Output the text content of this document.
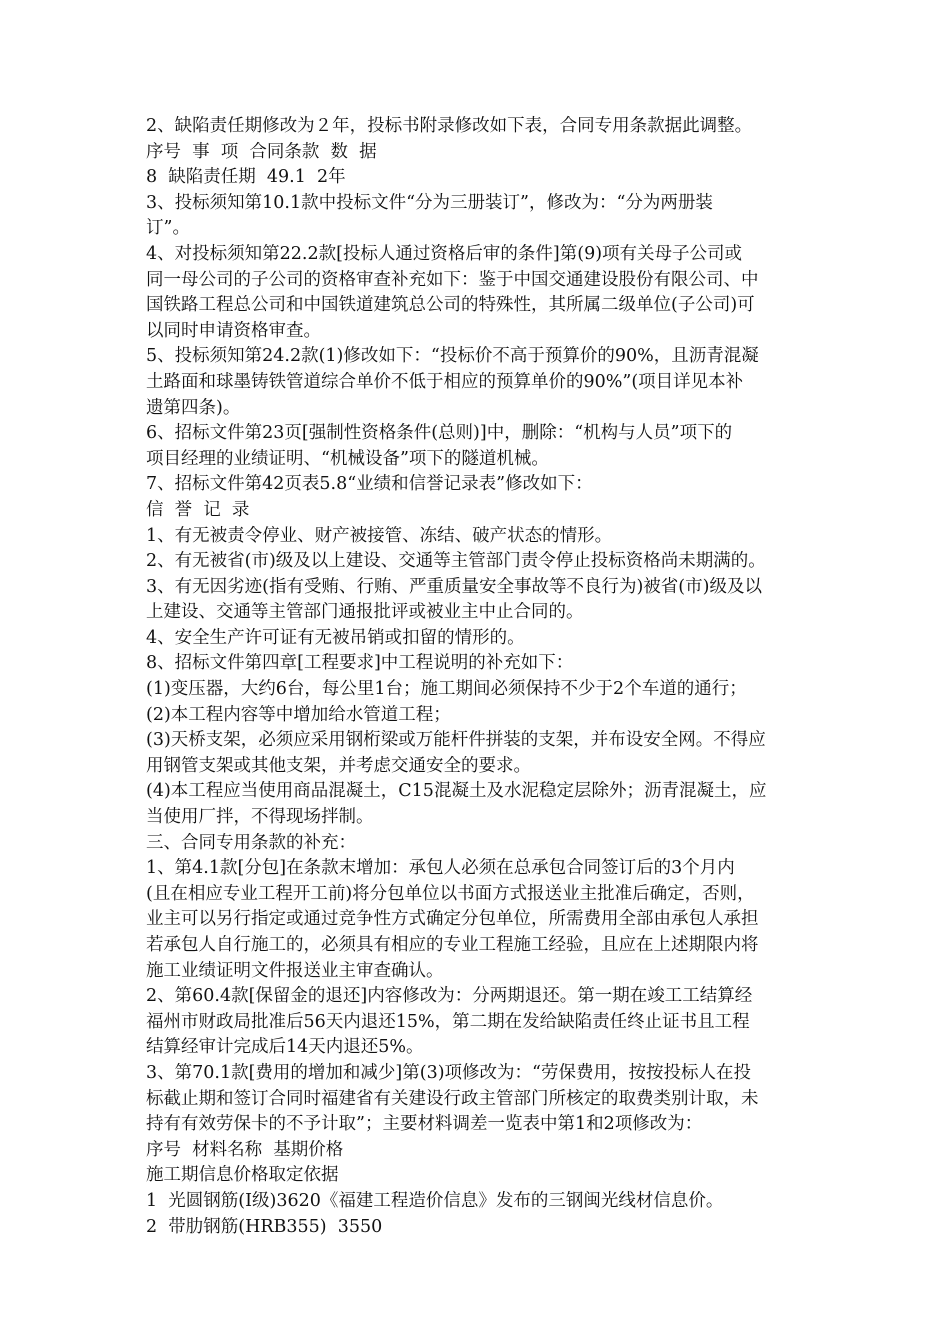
2、缺陷责任期修改为２年，投标书附录修改如下表，合同专用条款据此调整。
序号  事  项  合同条款  数  据
8  缺陷责任期  49.1  2年
3、投标须知第10.1款中投标文件“分为三册装订”，修改为：“分为两册装
订”。
4、对投标须知第22.2款[投标人通过资格后审的条件]第(9)项有关母子公司或
同一母公司的子公司的资格审查补充如下：鉴于中国交通建设股份有限公司、中
国铁路工程总公司和中国铁道建筑总公司的特殊性，其所属二级单位(子公司)可
以同时申请资格审查。
5、投标须知第24.2款(1)修改如下：“投标价不高于预算价的90%，且沥青混凝
土路面和球墨铸铁管道综合单价不低于相应的预算单价的90%”(项目详见本补
遗第四条)。
6、招标文件第23页[强制性资格条件(总则)]中，删除：“机构与人员”项下的
项目经理的业绩证明、“机械设备”项下的隧道机械。
7、招标文件第42页表5.8“业绩和信誉记录表”修改如下：
信  誉  记  录
1、有无被责令停业、财产被接管、冻结、破产状态的情形。
2、有无被省(市)级及以上建设、交通等主管部门责令停止投标资格尚未期满的。
3、有无因劣迹(指有受贿、行贿、严重质量安全事故等不良行为)被省(市)级及以
上建设、交通等主管部门通报批评或被业主中止合同的。
4、安全生产许可证有无被吊销或扣留的情形的。
8、招标文件第四章[工程要求]中工程说明的补充如下：
(1)变压器，大约6台，每公里1台；施工期间必须保持不少于2个车道的通行；
(2)本工程内容等中增加给水管道工程；
(3)天桥支架，必须应采用钢桁梁或万能杆件拼装的支架，并布设安全网。不得应
用钢管支架或其他支架，并考虑交通安全的要求。
(4)本工程应当使用商品混凝土，C15混凝土及水泥稳定层除外；沥青混凝土，应
当使用厂拌，不得现场拌制。
三、合同专用条款的补充：
1、第4.1款[分包]在条款末增加：承包人必须在总承包合同签订后的3个月内
(且在相应专业工程开工前)将分包单位以书面方式报送业主批准后确定，否则，
业主可以另行指定或通过竞争性方式确定分包单位，所需费用全部由承包人承担
若承包人自行施工的，必须具有相应的专业工程施工经验，且应在上述期限内将
施工业绩证明文件报送业主审查确认。
2、第60.4款[保留金的退还]内容修改为：分两期退还。第一期在竣工工结算经
福州市财政局批准后56天内退还15%，第二期在发给缺陷责任终止证书且工程
结算经审计完成后14天内退还5%。
3、第70.1款[费用的增加和减少]第(3)项修改为：“劳保费用，按按投标人在投
标截止期和签订合同时福建省有关建设行政主管部门所核定的取费类别计取，未
持有有效劳保卡的不予计取”；主要材料调差一览表中第1和2项修改为：
序号  材料名称  基期价格
施工期信息价格取定依据
1  光圆钢筋(Ⅰ级)3620《福建工程造价信息》发布的三钢闽光线材信息价。
2  带肋钢筋(HRB355)  3550
